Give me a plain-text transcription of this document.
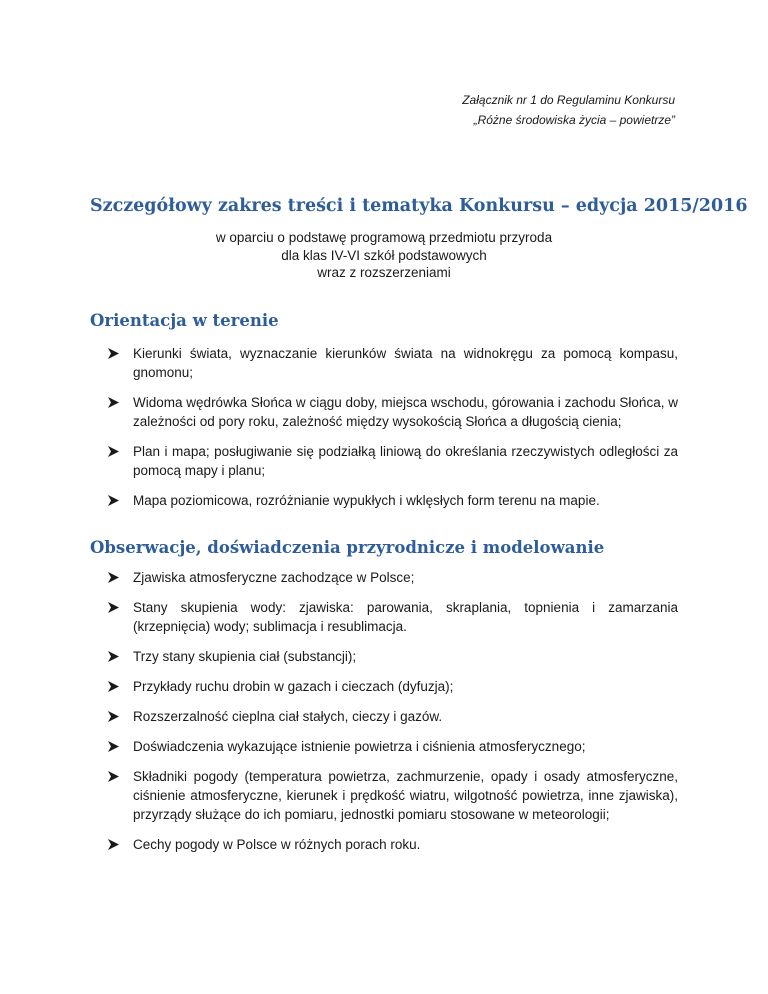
Załącznik nr 1 do Regulaminu Konkursu
„Różne środowiska życia – powietrze”
Szczegółowy zakres treści i tematyka Konkursu – edycja 2015/2016
w oparciu o podstawę programową przedmiotu przyroda
dla klas IV-VI szkół podstawowych
wraz z rozszerzeniami
Orientacja w terenie
Kierunki świata, wyznaczanie kierunków świata na widnokręgu za pomocą kompasu, gnomonu;
Widoma wędrówka Słońca w ciągu doby, miejsca wschodu, górowania i zachodu Słońca, w zależności od pory roku, zależność między wysokością Słońca a długością cienia;
Plan i mapa; posługiwanie się podziałką liniową do określania rzeczywistych odległości za pomocą mapy i planu;
Mapa poziomicowa, rozróżnianie wypukłych i wklęsłych form terenu na mapie.
Obserwacje, doświadczenia przyrodnicze i modelowanie
Zjawiska atmosferyczne zachodzące w Polsce;
Stany skupienia wody: zjawiska: parowania, skraplania, topnienia i zamarzania (krzepnięcia) wody; sublimacja i resublimacja.
Trzy stany skupienia ciał (substancji);
Przykłady ruchu drobin w gazach i cieczach (dyfuzja);
Rozszerzalność cieplna ciał stałych, cieczy i gazów.
Doświadczenia wykazujące istnienie powietrza i ciśnienia atmosferycznego;
Składniki pogody (temperatura powietrza, zachmurzenie, opady i osady atmosferyczne, ciśnienie atmosferyczne, kierunek i prędkość wiatru, wilgotność powietrza, inne zjawiska), przyrządy służące do ich pomiaru, jednostki pomiaru stosowane w meteorologii;
Cechy pogody w Polsce w różnych porach roku.
